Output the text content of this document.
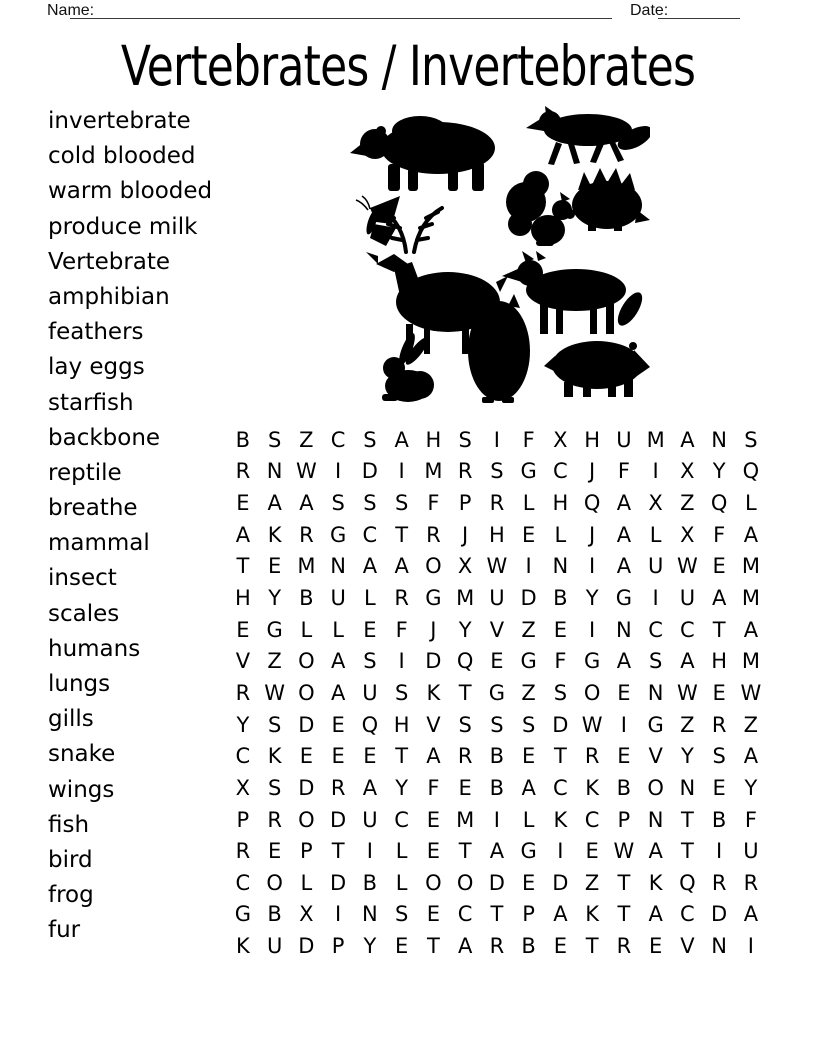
Name:	Date:
Vertebrates / Invertebrates
invertebrate
cold blooded
warm blooded
produce milk
Vertebrate
amphibian
feathers
lay eggs
starfish
backbone
reptile
breathe
mammal
insect
scales
humans
lungs
gills
snake
wings
fish
bird
frog
fur
B S Z C S A H S	I	F X H U M A N S
R N W I D I M R S G C	J	F	I	X Y Q
E A A S S S F P R L H Q A X Z Q L
A K R G C T R	J H E L	J	A L X F A
T E M N A A O X W I N I	A U W E M
H Y B U L R G M U D B Y G I U A M
E G L L E F	J	Y V Z E	I N C C T A
V Z O A S	I D Q E G F G A S A H M
R W O A U S K T G Z S O E N W E W
Y S D E Q H V S S S D W I G Z R Z
C K E E E T A R B E T R E V Y S A
X S D R A Y F E B A C K B O N E Y
P R O D U C E M I	L K C P N T B F
R E P T	I	L E T A G I	E W A T	I U
C O L D B L O O D E D Z T K Q R R
G B X	I N S E C T P A K T A C D A
K U D P Y E T A R B E T R E V N I
